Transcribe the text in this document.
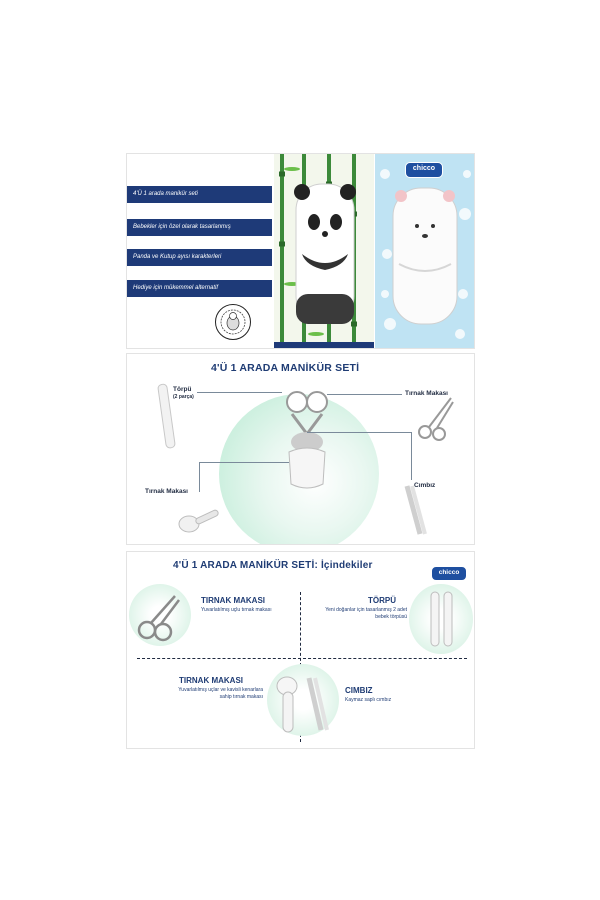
4'Ü 1 arada manikür seti
Bebekler için özel olarak tasarlanmış
Panda ve Kutup ayısı karakterleri
Hediye için mükemmel alternatif
chicco
4'Ü 1 ARADA MANİKÜR SETİ
Törpü
(2 parça)	Tırnak Makası
Tırnak Makası
Cımbız
4'Ü 1 ARADA MANİKÜR SETİ: İçindekiler
chicco
TIRNAK MAKASI
Yuvarlatılmış uçlu tırnak makası
TÖRPÜ
Yeni doğanlar için tasarlanmış 2 adet bebek törpüsü
TIRNAK MAKASI
Yuvarlatılmış uçlar ve kavisli kenarlara sahip tırnak makası
CIMBIZ
Kaymaz saplı cımbız
